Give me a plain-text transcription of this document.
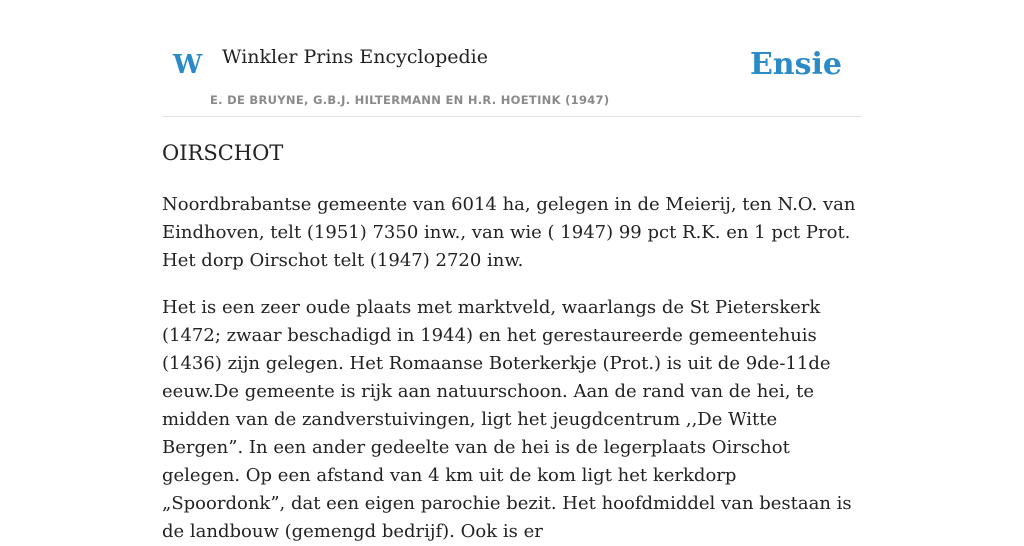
W Winkler Prins Encyclopedie
E. DE BRUYNE, G.B.J. HILTERMANN EN H.R. HOETINK (1947)
Ensie
OIRSCHOT

Noordbrabantse gemeente van 6014 ha, gelegen in de Meierij, ten N.O. van Eindhoven, telt (1951) 7350 inw., van wie ( 1947) 99 pct R.K. en 1 pct Prot. Het dorp Oirschot telt (1947) 2720 inw.

Het is een zeer oude plaats met marktveld, waarlangs de St Pieterskerk (1472; zwaar beschadigd in 1944) en het gerestaureerde gemeentehuis (1436) zijn gelegen. Het Romaanse Boterkerkje (Prot.) is uit de 9de-11de eeuw.De gemeente is rijk aan natuurschoon. Aan de rand van de hei, te midden van de zandverstuivingen, ligt het jeugdcentrum ,,De Witte Bergen”. In een ander gedeelte van de hei is de legerplaats Oirschot gelegen. Op een afstand van 4 km uit de kom ligt het kerkdorp „Spoordonk”, dat een eigen parochie bezit. Het hoofdmiddel van bestaan is de landbouw (gemengd bedrijf). Ook is er
